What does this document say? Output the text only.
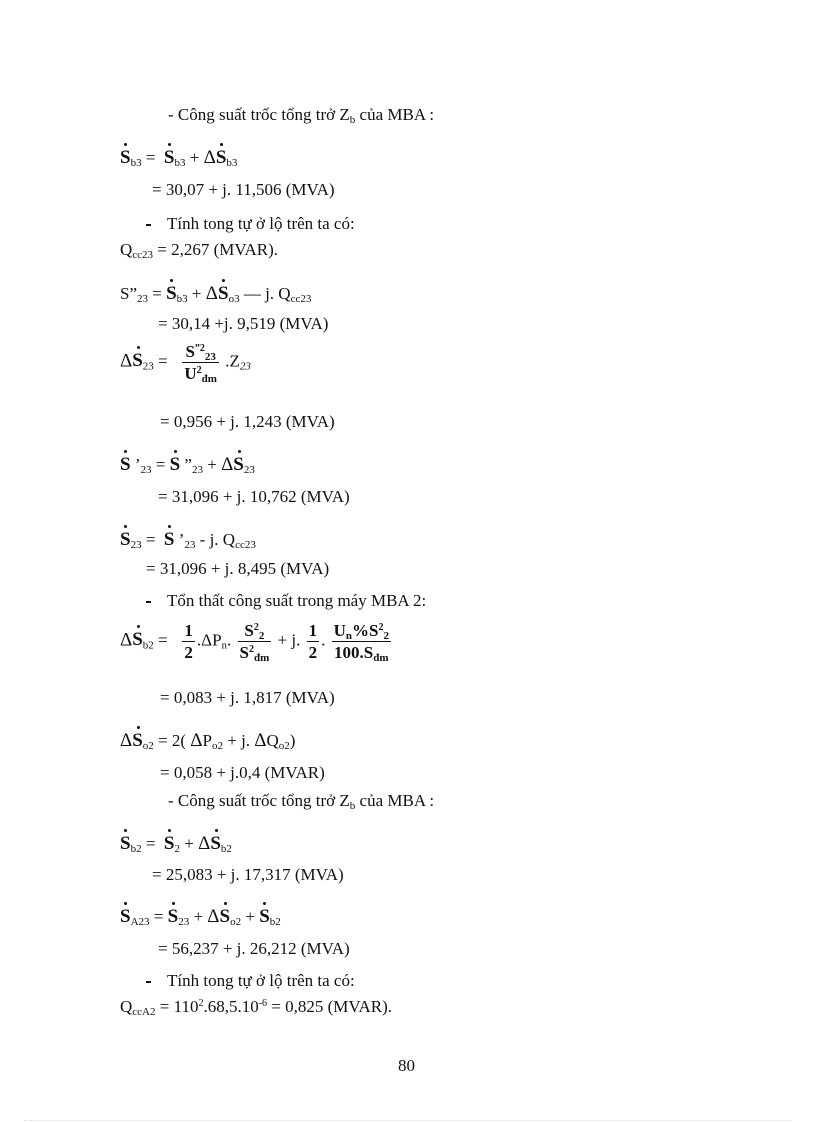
- Công suất trốc tổng trở $Z_b$ của MBA :
$S_{b3} = S_{b3} + \Delta S_{b3}$
= 30,07 + j. 11,506 (MVA)
Tính tong tự ở lộ trên ta có:
$Q_{cc23} = 2,267$ (MVAR).
$S”_{23} = S_{b3} + \Delta S_{o3}$ — j. $Q_{cc23}$
= 30,14 +j. 9,519 (MVA)
$\Delta S_{23} = \frac{S^{”2}_{23}}{U^2_{đm}} .Z_{23}$
= 0,956 + j. 1,243 (MVA)
S $’_{23} = S$ $”_{23} + \Delta S_{23}$
= 31,096 + j. 10,762 (MVA)
$S_{23} = S$ $’_{23}$ - j. $Q_{cc23}$
= 31,096 + j. 8,495 (MVA)
Tổn thất công suất trong máy MBA 2:
$\Delta S_{b2} = \frac{1}{2} .\Delta P_n$. $\frac{S^2_2}{S^2_{đm}} + j$. $\frac{1}{2}$ . $\frac{U_n\%S^2_2}{100.S_{đm}}$
= 0,083 + j. 1,817 (MVA)
$\Delta S_{o2} = 2$( $\Delta P_{o2} + j$. $\Delta Q_{o2}$)
= 0,058 + j.0,4 (MVAR)
- Công suất trốc tổng trở $Z_b$ của MBA :
$S_{b2} = S_2 + \Delta S_{b2}$
= 25,083 + j. 17,317 (MVA)
$S_{A23} = S_{23} + \Delta S_{o2} + S_{b2}$
= 56,237 + j. 26,212 (MVA)
Tính tong tự ở lộ trên ta có:
$Q_{ccA2} = 110^2.68,5.10^{-6} = 0,825$ (MVAR).
80
